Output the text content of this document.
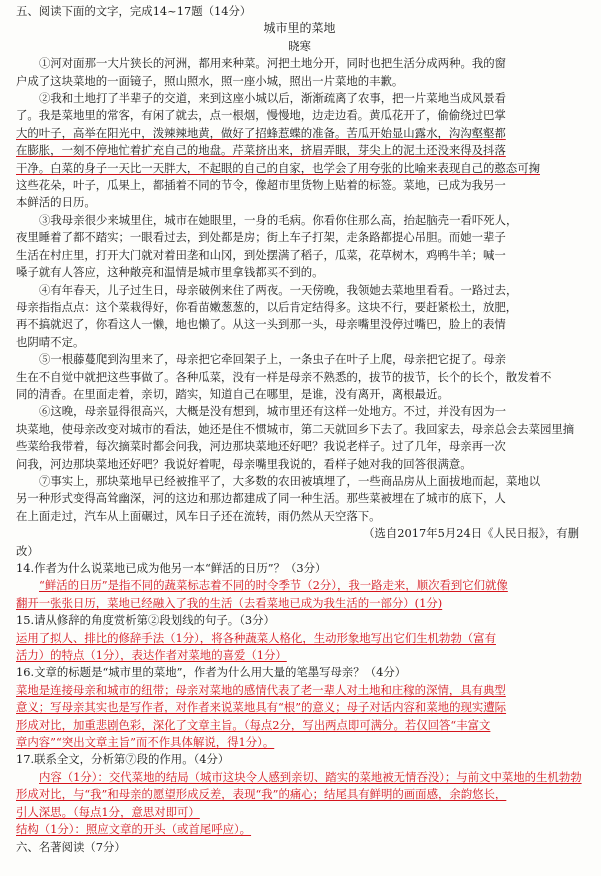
五、阅读下面的文字，完成14~17题（14分）
城市里的菜地
晓寒
①河对面那一大片狭长的河洲，都用来种菜。河把土地分开，同时也把生活分成两种。我的窗
户成了这块菜地的一面镜子，照山照水，照一座小城，照出一片菜地的丰歉。
②我和土地打了半辈子的交道，来到这座小城以后，渐渐疏离了农事，把一片菜地当成风景看
了。我是菜地里的常客，有闲了就去，点一根烟，慢慢地，边走边看。黄瓜花开了，偷偷绕过巴掌
大的叶子，高举在阳光中，泼辣辣地黄，做好了招蜂惹蝶的准备。苦瓜开始显山露水，沟沟壑壑都
在膨胀，一刻不停地忙着扩充自己的地盘。芹菜挤出来，挤眉弄眼，芽尖上的泥土还没来得及抖落
干净。白菜的身子一天比一天胖大，不起眼的自己的自家，也学会了用夸张的比喻来表现自己的憨态可掬
这些花朵，叶子，瓜果上，都插着不同的节令，像超市里货物上贴着的标签。菜地，已成为我另一
本鲜活的日历。
③我母亲很少来城里住，城市在她眼里，一身的毛病。你看你住那么高，抬起脑壳一看吓死人，
夜里睡着了都不踏实；一眼看过去，到处都是房；街上车子打架，走条路都提心吊胆。而她一辈子
生活在村庄里，打开大门就对着田垄和山冈，到处摆满了稻子，瓜菜，花草树木，鸡鸭牛羊；喊一
嗓子就有人答应，这种敞亮和温情是城市里拿钱都买不到的。
④有年春天，儿子过生日，母亲破例来住了两夜。一天傍晚，我领她去菜地里看看。一路过去，
母亲指指点点：这个菜栽得好，你看苗嫩葱葱的，以后肯定结得多。这块不行，要赶紧松土，放肥，
再不搞就迟了，你看这人一懒，地也懒了。从这一头到那一头，母亲嘴里没停过嘴巴，脸上的表情
也阴晴不定。
⑤一根藤蔓爬到沟里来了，母亲把它牵回架子上，一条虫子在叶子上爬，母亲把它捉了。母亲
生在不自觉中就把这些事做了。各种瓜菜，没有一样是母亲不熟悉的，拔节的拔节，长个的长个，散发着不
同的清香。在里面走着，亲切，踏实，知道自己在哪里，是谁，没有离开，离根最近。
⑥这晚，母亲显得很高兴，大概是没有想到，城市里还有这样一处地方。不过，并没有因为一
块菜地，使母亲改变对城市的看法，她还是住不惯城市，第二天就回乡下去了。我回家去，母亲总会去菜园里摘
些菜给我带着，每次摘菜时都会问我，河边那块菜地还好吧？我说老样子。过了几年，母亲再一次
问我，河边那块菜地还好吧？我说好着呢，母亲嘴里我说的，看样子她对我的回答很满意。
⑦事实上，那块菜地早已经被推平了，大多数的农田被填埋了，一些商品房从上面拔地而起，菜地以
另一种形式变得高耸幽深，河的这边和那边都建成了同一种生活。那些菜被埋在了城市的底下，人
在上面走过，汽车从上面碾过，风车日子还在流转，雨仍然从天空落下。
（选自2017年5月24日《人民日报》，有删
改）
14.作者为什么说菜地已成为他另一本“鲜活的日历”？（3分）
“鲜活的日历”是指不同的蔬菜标志着不同的时令季节（2分），我一路走来，顺次看到它们就像
翻开一张张日历，菜地已经融入了我的生活（去看菜地已成为我生活的一部分）(1分)
15.请从修辞的角度赏析第②段划线的句子。（3分）
运用了拟人、排比的修辞手法（1分），将各种蔬菜人格化，生动形象地写出它们生机勃勃（富有
活力）的特点（1分），表达作者对菜地的喜爱（1分）
16.文章的标题是“城市里的菜地”，作者为什么用大量的笔墨写母亲？（4分）
菜地是连接母亲和城市的纽带；母亲对菜地的感情代表了老一辈人对土地和庄稼的深情，具有典型
意义；写母亲其实也是写作者，对作者来说菜地具有“根”的意义；母子对话内容和菜地的现实遭际
形成对比，加重悲剧色彩，深化了文章主旨。（每点2分，写出两点即可满分。若仅回答“丰富文
章内容”“突出文章主旨”而不作具体解说，得1分）。
17.联系全文，分析第⑦段的作用。（4分）
内容（1分）：交代菜地的结局（城市这块令人感到亲切、踏实的菜地被无情吞没）；与前文中菜地的生机勃勃
形成对比，与“我”和母亲的愿望形成反差，表现“我”的痛心；结尾具有鲜明的画面感，余韵悠长，
引人深思。（每点1分，意思对即可）
结构（1分）：照应文章的开头（或首尾呼应）。
六、名著阅读（7分）
